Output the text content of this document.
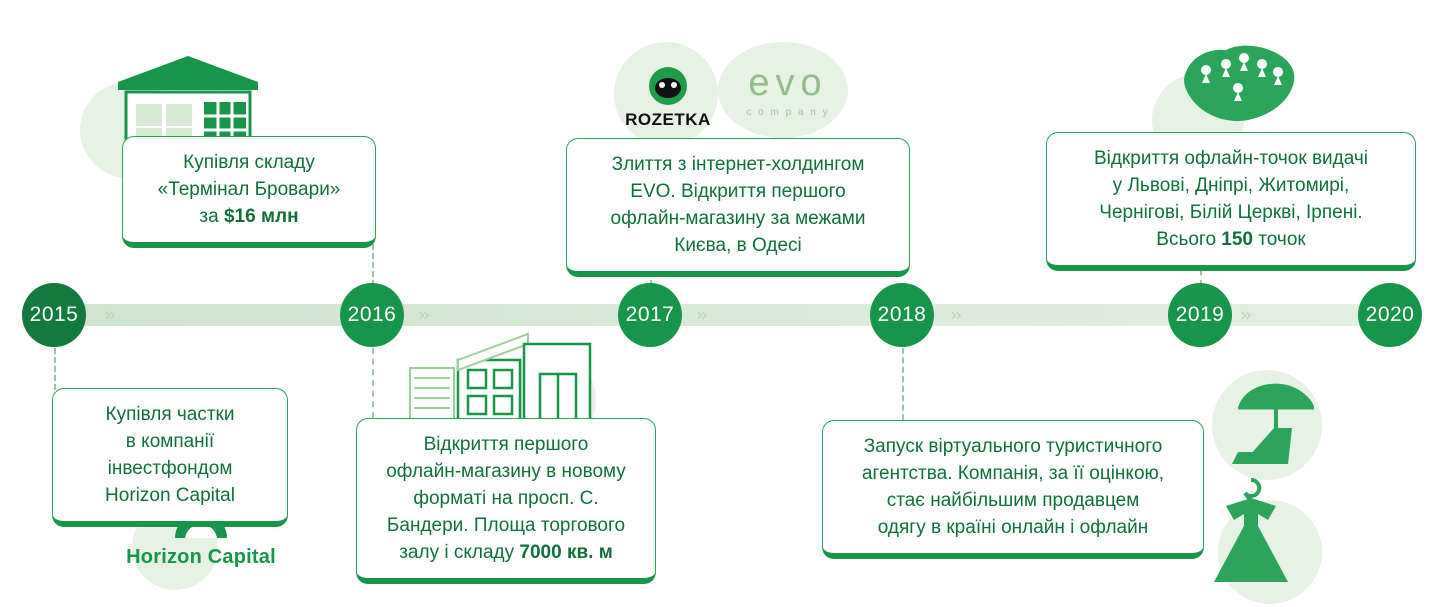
ROZETKA
evo
c o m p a n y
Horizon Capital
››	››	››	››	››
2015	2016	2017	2018	2019	2020
Купівля складу
«Термінал Бровари»
за $16 млн
Купівля частки
в компанії
інвестфондом
Horizon Capital
Відкриття першого
офлайн-магазину в новому
форматі на просп. С.
Бандери. Площа торгового
залу і складу 7000 кв. м
Злиття з інтернет-холдингом
EVO. Відкриття першого
офлайн-магазину за межами
Києва, в Одесі
Запуск віртуального туристичного
агентства. Компанія, за її оцінкою,
стає найбільшим продавцем
одягу в країні онлайн і офлайн
Відкриття офлайн-точок видачі
у Львові, Дніпрі, Житомирі,
Чернігові, Білій Церкві, Ірпені.
Всього 150 точок
